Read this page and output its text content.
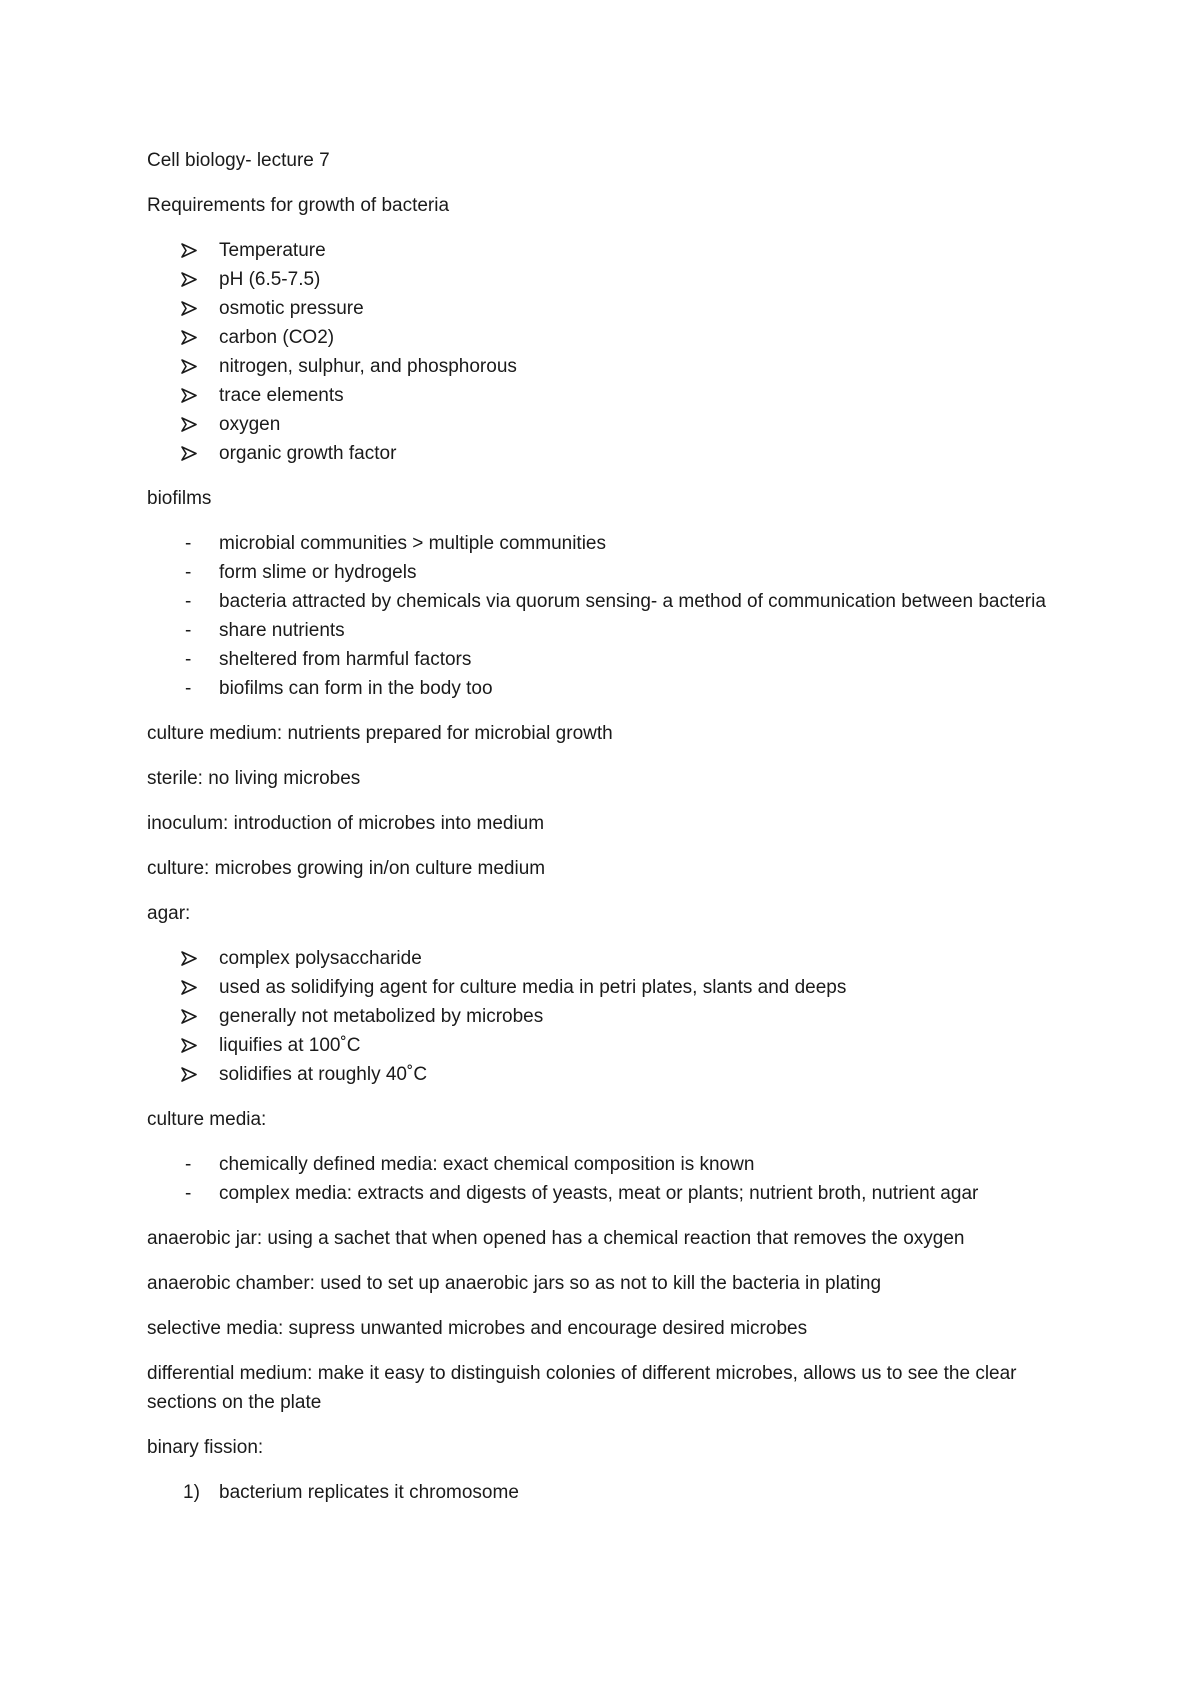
Cell biology- lecture 7

Requirements for growth of bacteria

Temperature
pH (6.5-7.5)
osmotic pressure
carbon (CO2)
nitrogen, sulphur, and phosphorous
trace elements
oxygen
organic growth factor

biofilms

-	microbial communities > multiple communities
-	form slime or hydrogels
-	bacteria attracted by chemicals via quorum sensing- a method of communication between bacteria
-	share nutrients
-	sheltered from harmful factors
-	biofilms can form in the body too

culture medium: nutrients prepared for microbial growth

sterile: no living microbes

inoculum: introduction of microbes into medium

culture: microbes growing in/on culture medium

agar:

complex polysaccharide
used as solidifying agent for culture media in petri plates, slants and deeps
generally not metabolized by microbes
liquifies at 100˚C
solidifies at roughly 40˚C

culture media:

-	chemically defined media: exact chemical composition is known
-	complex media: extracts and digests of yeasts, meat or plants; nutrient broth, nutrient agar

anaerobic jar: using a sachet that when opened has a chemical reaction that removes the oxygen

anaerobic chamber: used to set up anaerobic jars so as not to kill the bacteria in plating

selective media: supress unwanted microbes and encourage desired microbes

differential medium: make it easy to distinguish colonies of different microbes, allows us to see the clear sections on the plate

binary fission:

1)	bacterium replicates it chromosome
